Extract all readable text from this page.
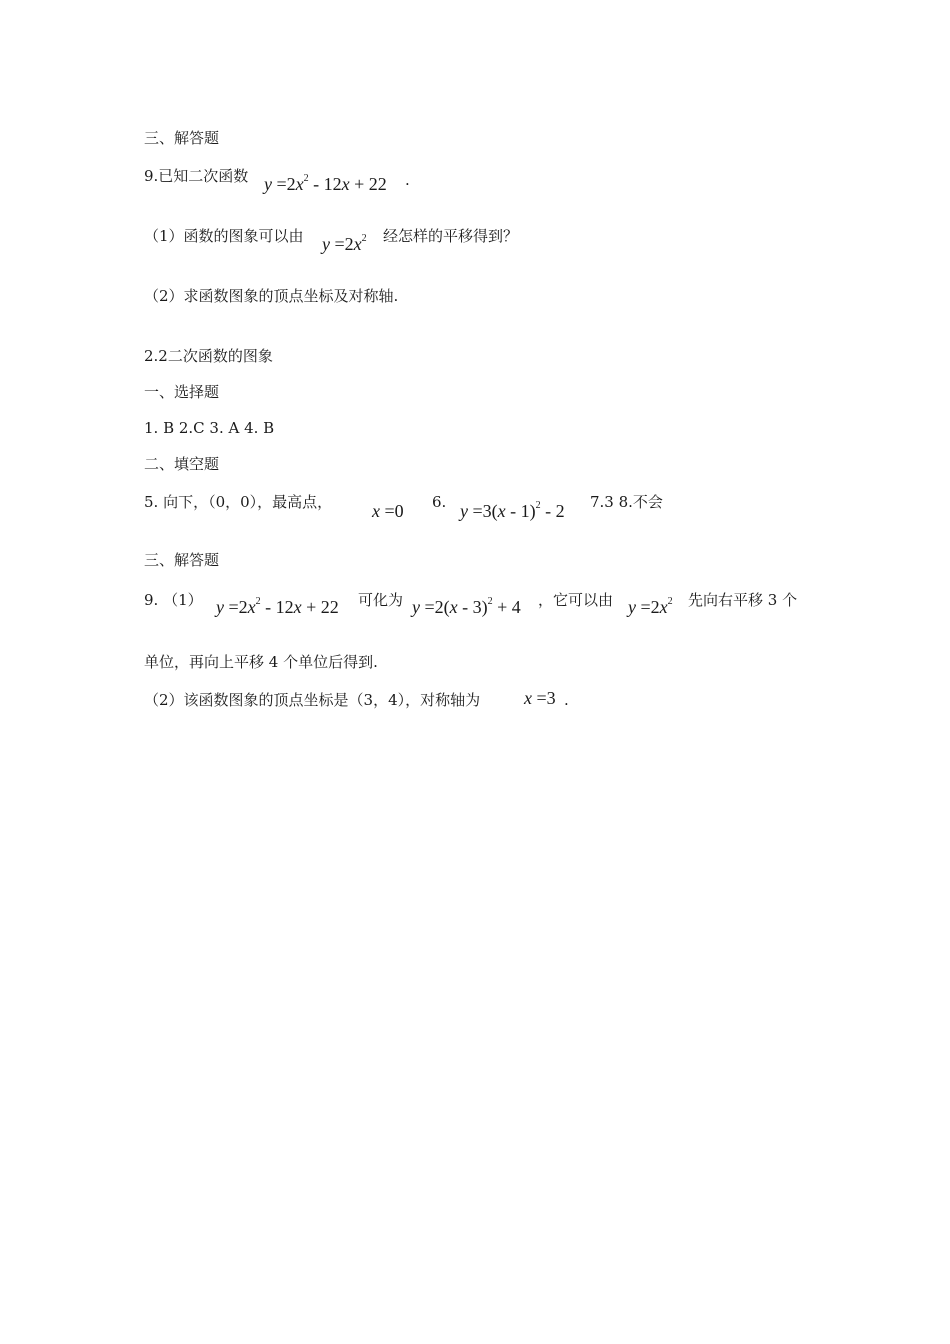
三、解答题
9.已知二次函数 $y =2x^2 - 12x + 22$ .
（1）函数的图象可以由 $y =2x^2$ 经怎样的平移得到？
（2）求函数图象的顶点坐标及对称轴.
2.2二次函数的图象
一、选择题
1. B 2.C 3. A 4. B
二、填空题
5. 向下，（0，0），最高点， x =0 6. y =3(x - 1)$^2$ - 2 7.3 8.不会
三、解答题
9. （1） $y =2x^2 - 12x + 22$ 可化为 y =2(x - 3)$^2$ + 4 ，它可以由 $y =2x^2$ 先向右平移 3 个
单位，再向上平移 4 个单位后得到.
（2）该函数图象的顶点坐标是（3，4），对称轴为 x =3 .
